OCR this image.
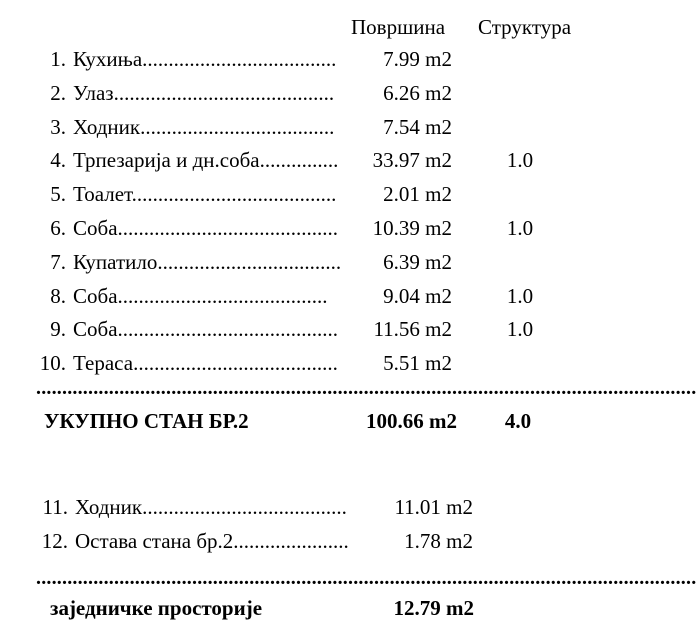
Површина Структура
1. Кухиња.....................................	7.99 m2
2. Улаз..........................................	6.26 m2
3. Ходник.....................................	7.54 m2
4. Трпезарија и дн.соба...............	33.97 m2	1.0
5. Тоалет.......................................	2.01 m2
6. Соба..........................................	10.39 m2	1.0
7. Купатило...................................	6.39 m2
8. Соба........................................	9.04 m2	1.0
9. Соба..........................................	11.56 m2	1.0
10. Тераса.......................................	5.51 m2
...............................................................................................................................
УКУПНО СТАН БР.2	100.66 m2	4.0
11. Ходник.......................................	11.01 m2
12. Остава стана бр.2......................	1.78 m2
...............................................................................................................................
заједничке просторије	12.79 m2
